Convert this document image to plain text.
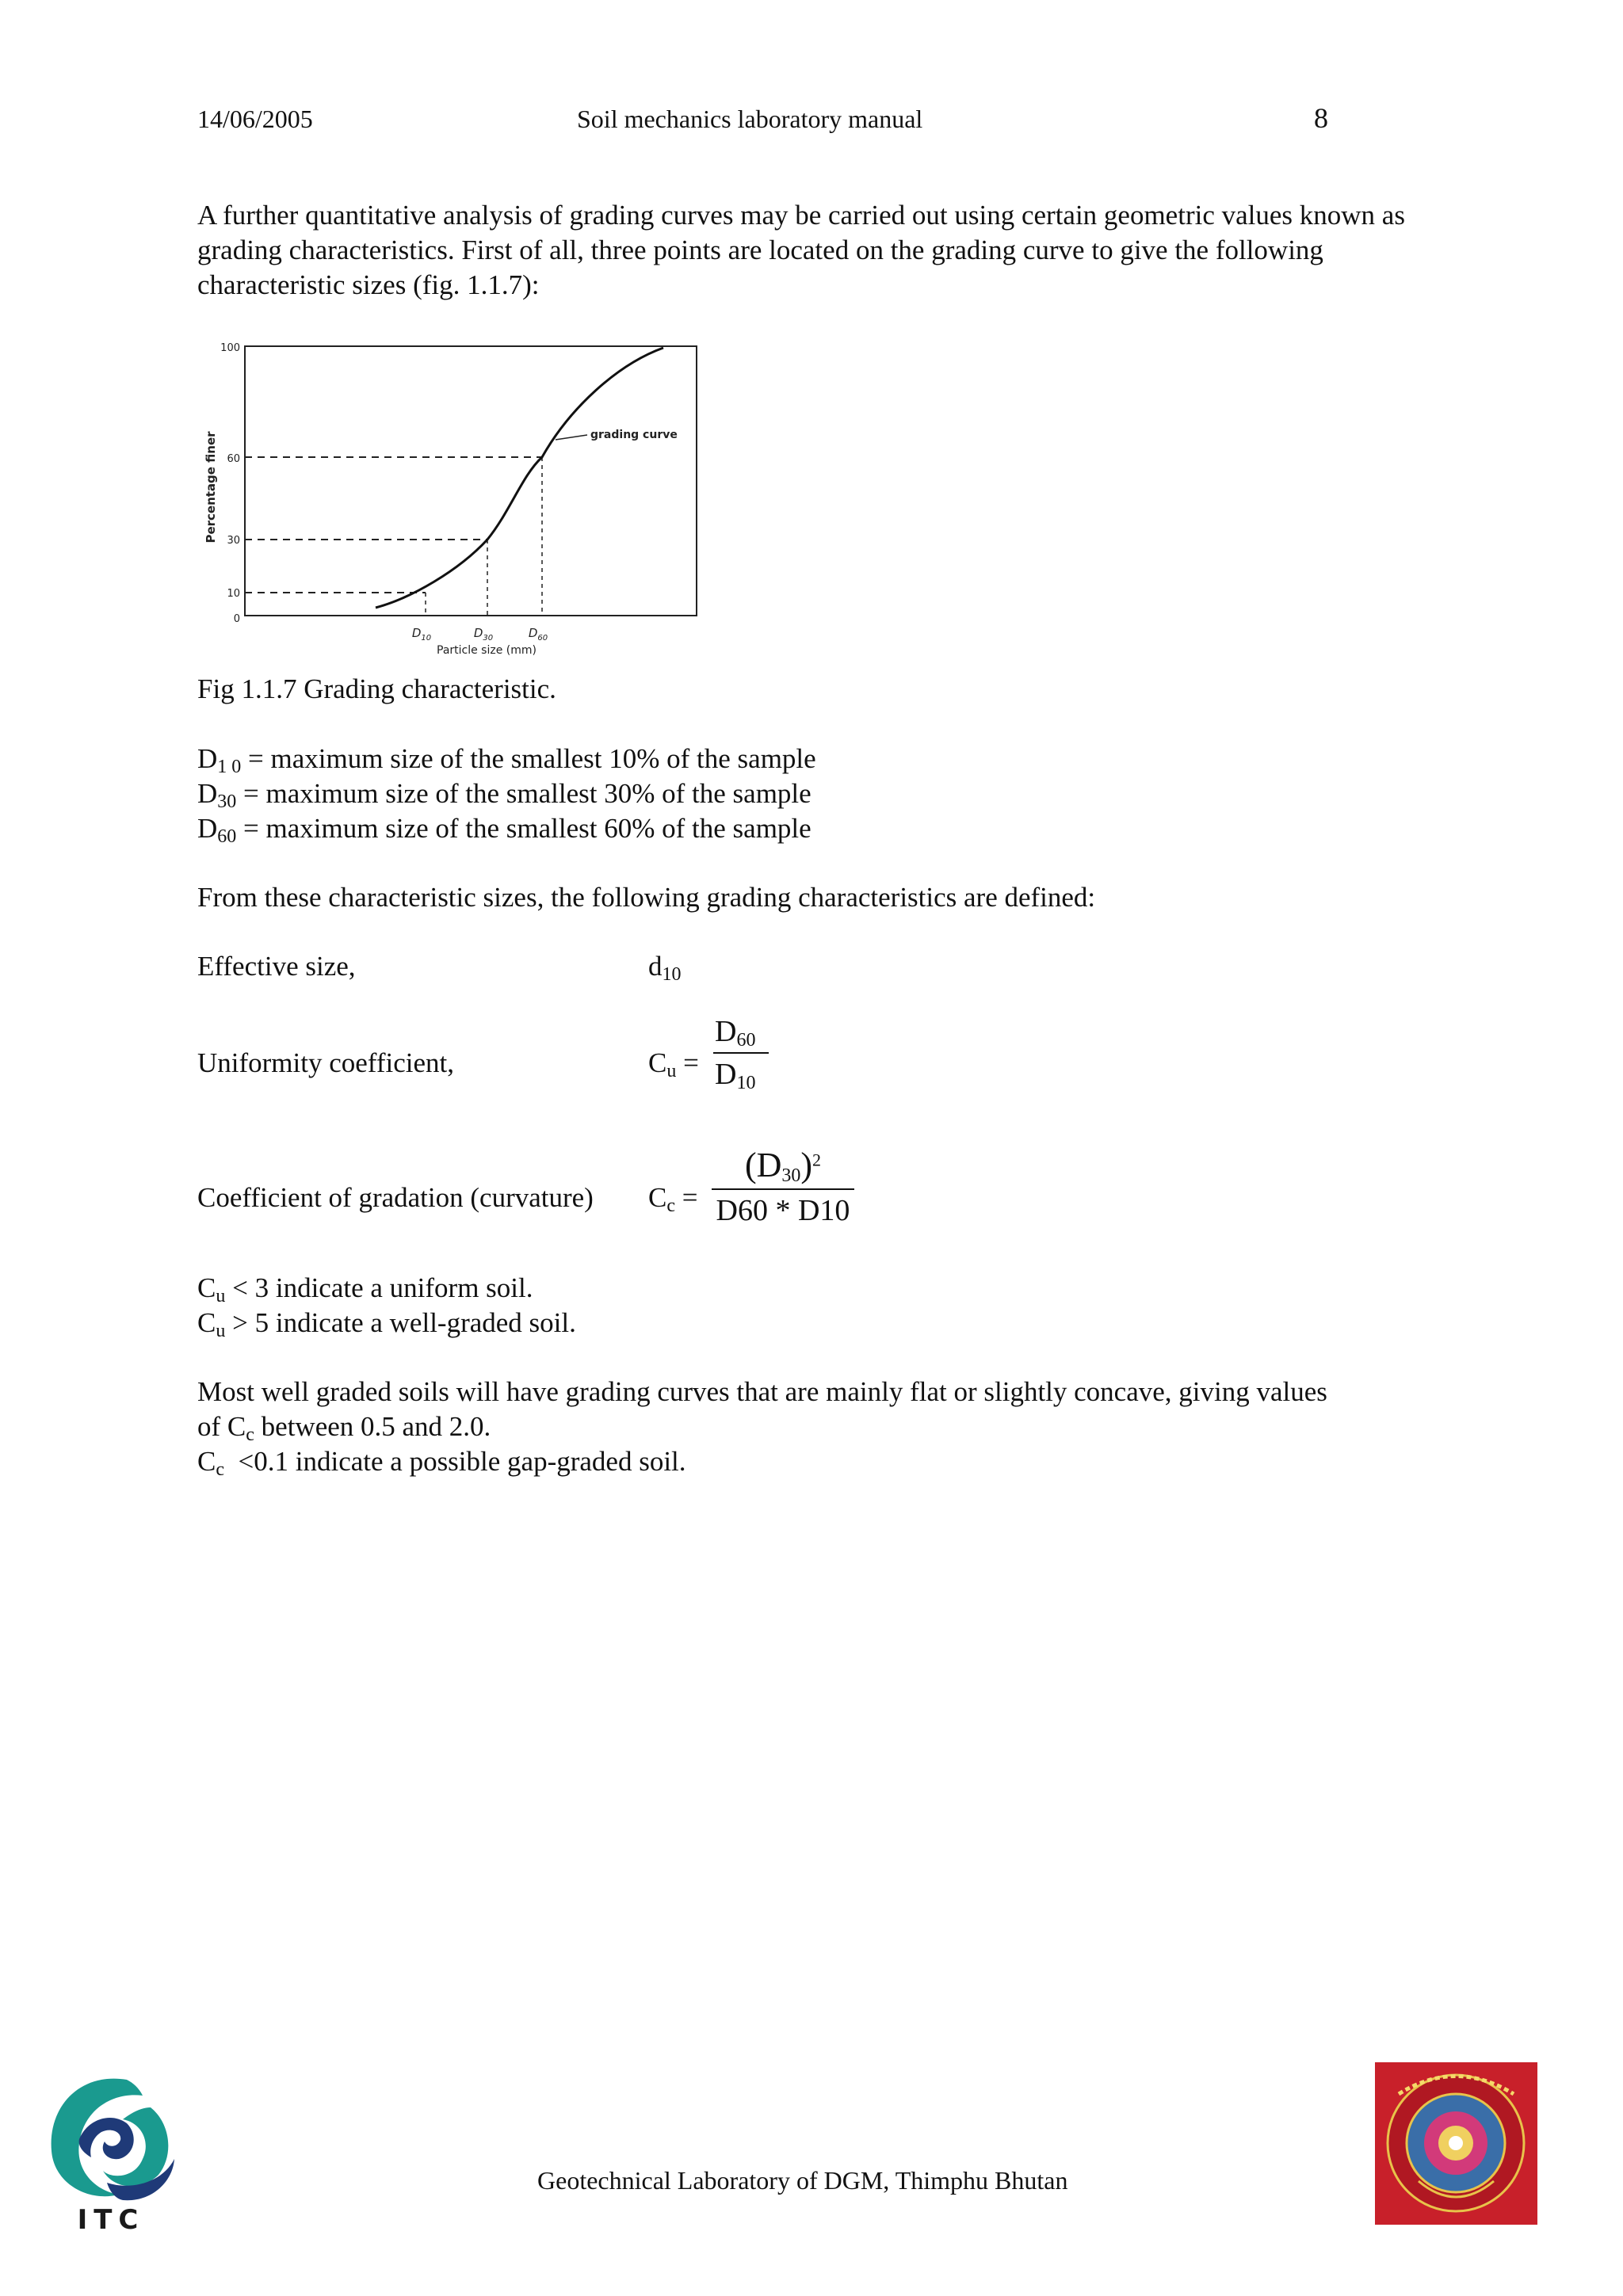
14/06/2005	Soil mechanics laboratory manual	8
A further quantitative analysis of grading curves may be carried out using certain geometric values known as grading characteristics. First of all, three points are located on the grading curve to give the following characteristic sizes (fig. 1.1.7):
Percentage finer
100
60
30
10
0
grading curve
$D_{10}$	$D_{30}$	$D_{60}$
Particle size (mm)
Fig 1.1.7 Grading characteristic.
$D_{1 0}$ = maximum size of the smallest 10% of the sample
$D_{30}$ = maximum size of the smallest 30% of the sample
$D_{60}$ = maximum size of the smallest 60% of the sample
From these characteristic sizes, the following grading characteristics are defined:
Effective size,	$d_{10}$
Uniformity coefficient,	$C_u$ =
$D_{60}$
$D_{10}$
Coefficient of gradation (curvature) $C_c$ =
$(D_{30})^2$
D60 * D10
$C_u < 3$ indicate a uniform soil.
$C_u > 5$ indicate a well-graded soil.
Most well graded soils will have grading curves that are mainly flat or slightly concave, giving values
of $C_c$ between 0.5 and 2.0.
$C_c <0.1$ indicate a possible gap-graded soil.
ITC
Geotechnical Laboratory of DGM, Thimphu Bhutan
